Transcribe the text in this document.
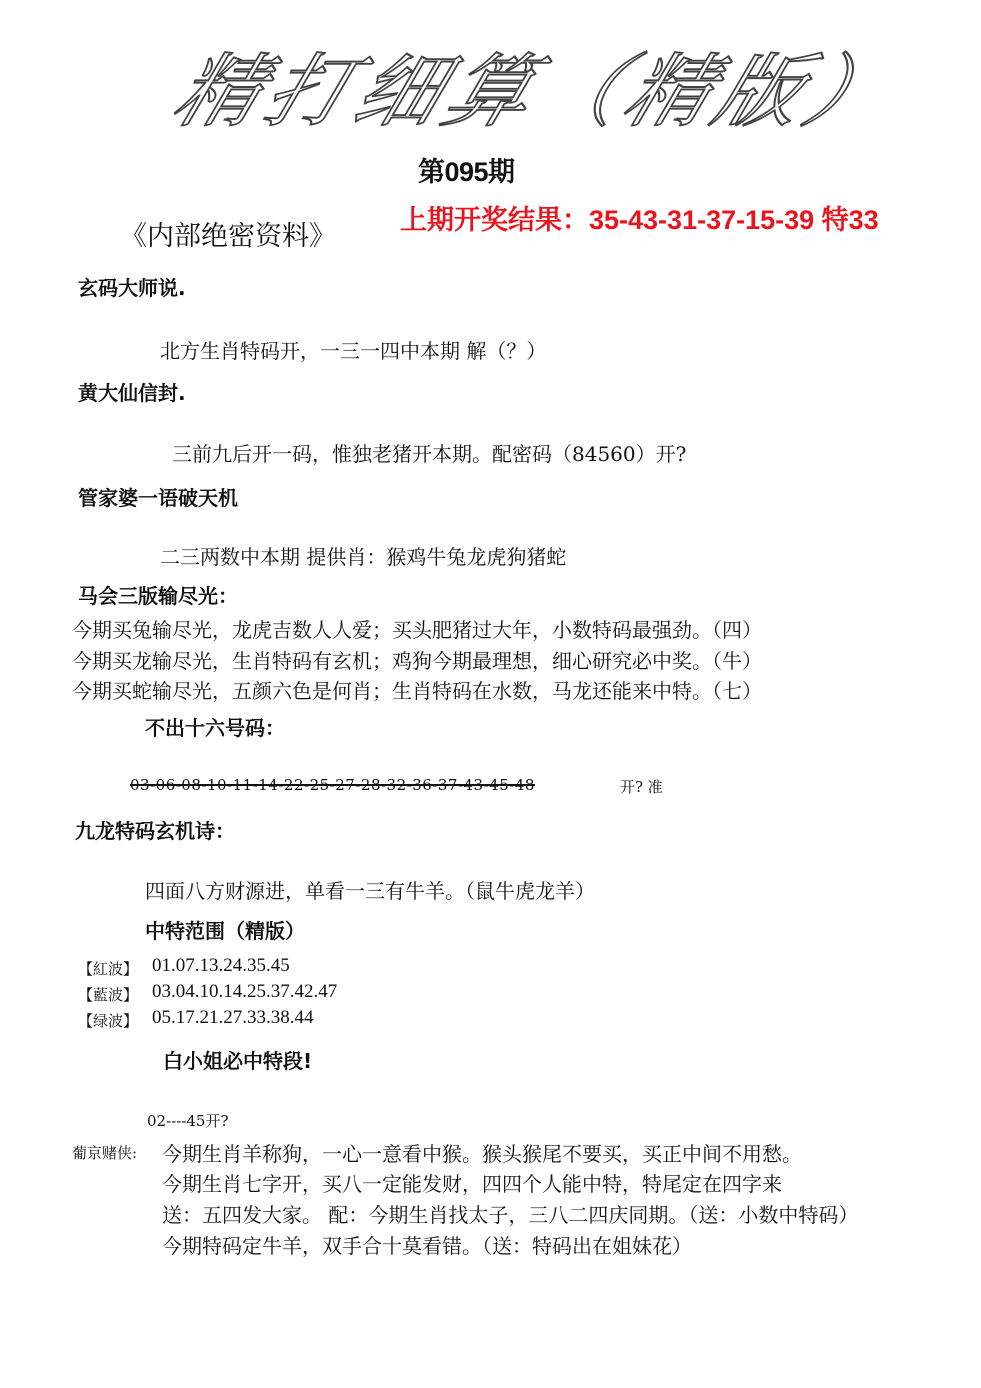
精打细算（精版）
第095期
上期开奖结果：35-43-31-37-15-39 特33
《内部绝密资料》
玄码大师说.
北方生肖特码开，一三一四中本期 解（？）
黄大仙信封.
三前九后开一码，惟独老猪开本期。配密码（84560）开?
管家婆一语破天机
二三两数中本期 提供肖：猴鸡牛兔龙虎狗猪蛇
马会三版输尽光：
今期买兔输尽光，龙虎吉数人人爱；买头肥猪过大年，小数特码最强劲。（四）
今期买龙输尽光，生肖特码有玄机；鸡狗今期最理想，细心研究必中奖。（牛）
今期买蛇输尽光，五颜六色是何肖；生肖特码在水数，马龙还能来中特。（七）
不出十六号码：
03-06-08-10-11-14-22-25-27-28-32-36-37-43-45-48	开? 准
九龙特码玄机诗：
四面八方财源进，单看一三有牛羊。（鼠牛虎龙羊）
中特范围（精版）
【紅波】 01.07.13.24.35.45
【藍波】 03.04.10.14.25.37.42.47
【绿波】 05.17.21.27.33.38.44
白小姐必中特段!
02----45开?
葡京赌侠: 今期生肖羊称狗，一心一意看中猴。猴头猴尾不要买，买正中间不用愁。
今期生肖七字开，买八一定能发财，四四个人能中特，特尾定在四字来
送：五四发大家。 配：今期生肖找太子，三八二四庆同期。（送：小数中特码）
今期特码定牛羊，双手合十莫看错。（送：特码出在姐妹花）
